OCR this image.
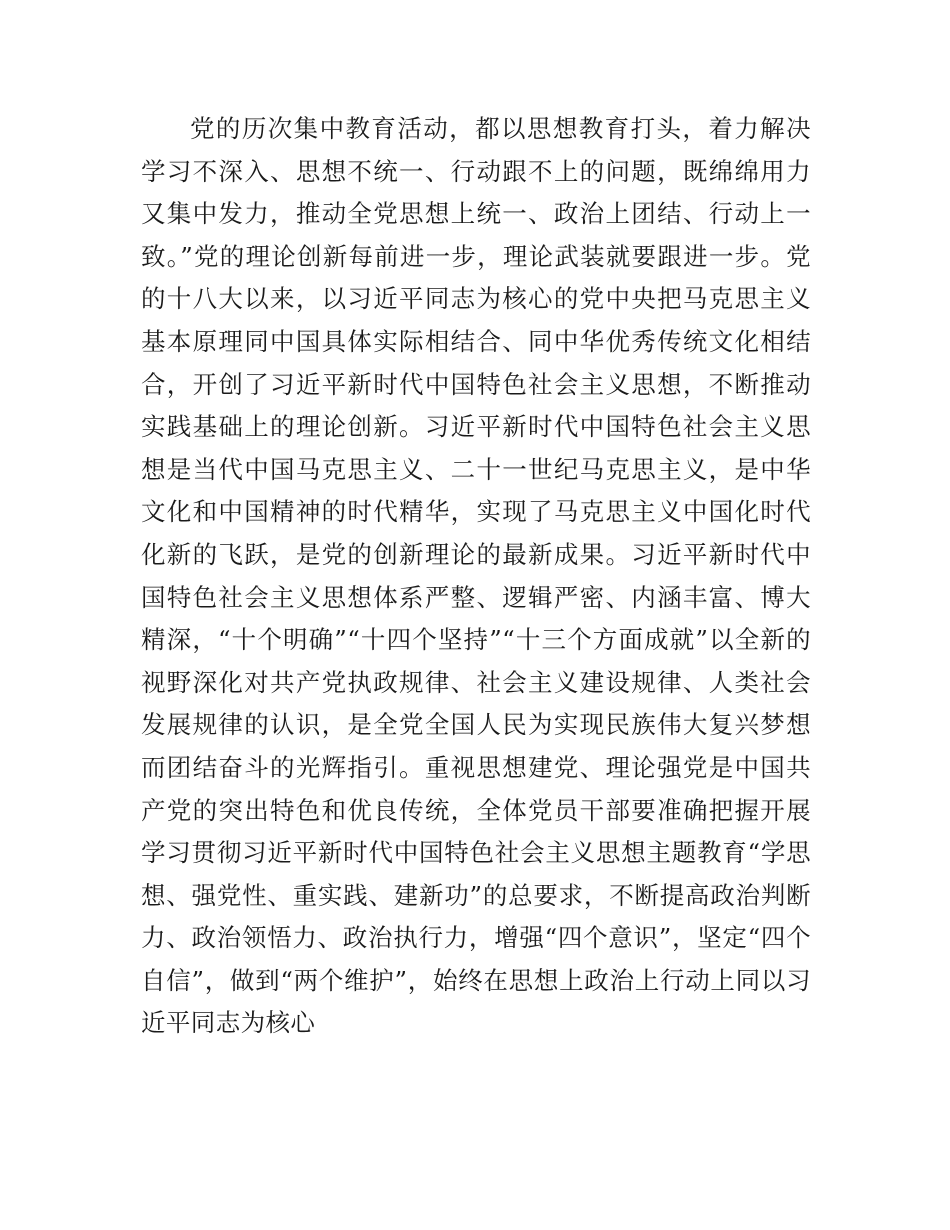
党的历次集中教育活动，都以思想教育打头，着力解决学习不深入、思想不统一、行动跟不上的问题，既绵绵用力又集中发力，推动全党思想上统一、政治上团结、行动上一致。”党的理论创新每前进一步，理论武装就要跟进一步。党的十八大以来，以习近平同志为核心的党中央把马克思主义基本原理同中国具体实际相结合、同中华优秀传统文化相结合，开创了习近平新时代中国特色社会主义思想，不断推动实践基础上的理论创新。习近平新时代中国特色社会主义思想是当代中国马克思主义、二十一世纪马克思主义，是中华文化和中国精神的时代精华，实现了马克思主义中国化时代化新的飞跃，是党的创新理论的最新成果。习近平新时代中国特色社会主义思想体系严整、逻辑严密、内涵丰富、博大精深，“十个明确”“十四个坚持”“十三个方面成就”以全新的视野深化对共产党执政规律、社会主义建设规律、人类社会发展规律的认识，是全党全国人民为实现民族伟大复兴梦想而团结奋斗的光辉指引。重视思想建党、理论强党是中国共产党的突出特色和优良传统，全体党员干部要准确把握开展学习贯彻习近平新时代中国特色社会主义思想主题教育“学思想、强党性、重实践、建新功”的总要求，不断提高政治判断力、政治领悟力、政治执行力，增强“四个意识”，坚定“四个自信”，做到“两个维护”，始终在思想上政治上行动上同以习近平同志为核心
